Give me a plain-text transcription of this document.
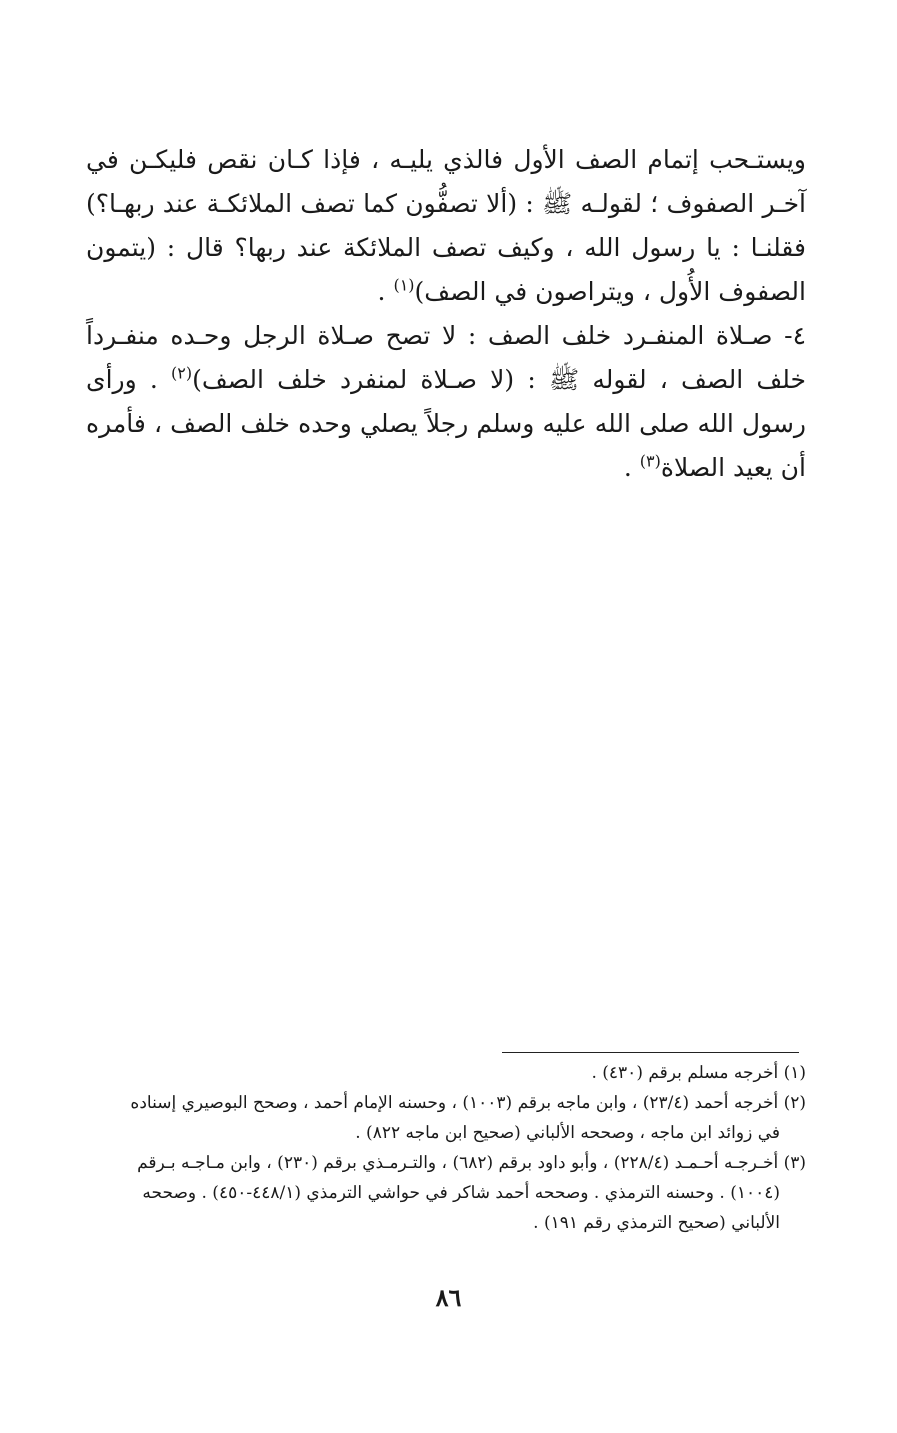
ويستـحب إتمام الصف الأول فالذي يليـه ، فإذا كـان نقص فليكـن في آخـر الصفوف ؛ لقولـه ﷺ : (ألا تصفُّون كما تصف الملائكـة عند ربهـا؟) فقلنـا : يا رسول الله ، وكيف تصف الملائكة عند ربها؟ قال : (يتمون الصفوف الأُول ، ويتراصون في الصف)$^{(١)}$ .

٤- صـلاة المنفـرد خلف الصف : لا تصح صـلاة الرجل وحـده منفـرداً خلف الصف ، لقوله ﷺ : (لا صـلاة لمنفرد خلف الصف)$^{(٢)}$ . ورأى رسول الله صلى الله عليه وسلم رجلاً يصلي وحده خلف الصف ، فأمره أن يعيد الصلاة$^{(٣)}$ .

(١) أخرجه مسلم برقم (٤٣٠) .

(٢) أخرجه أحمد (٢٣/٤) ، وابن ماجه برقم (١٠٠٣) ، وحسنه الإمام أحمد ، وصحح البوصيري إسناده

في زوائد ابن ماجه ، وصححه الألباني (صحيح ابن ماجه ٨٢٢) .

(٣) أخـرجـه أحـمـد (٢٢٨/٤) ، وأبو داود برقم (٦٨٢) ، والتـرمـذي برقم (٢٣٠) ، وابن مـاجـه بـرقم

(١٠٠٤) . وحسنه الترمذي . وصححه أحمد شاكر في حواشي الترمذي (٤٤٨/١-٤٥٠) . وصححه

الألباني (صحيح الترمذي رقم ١٩١) .

٨٦
